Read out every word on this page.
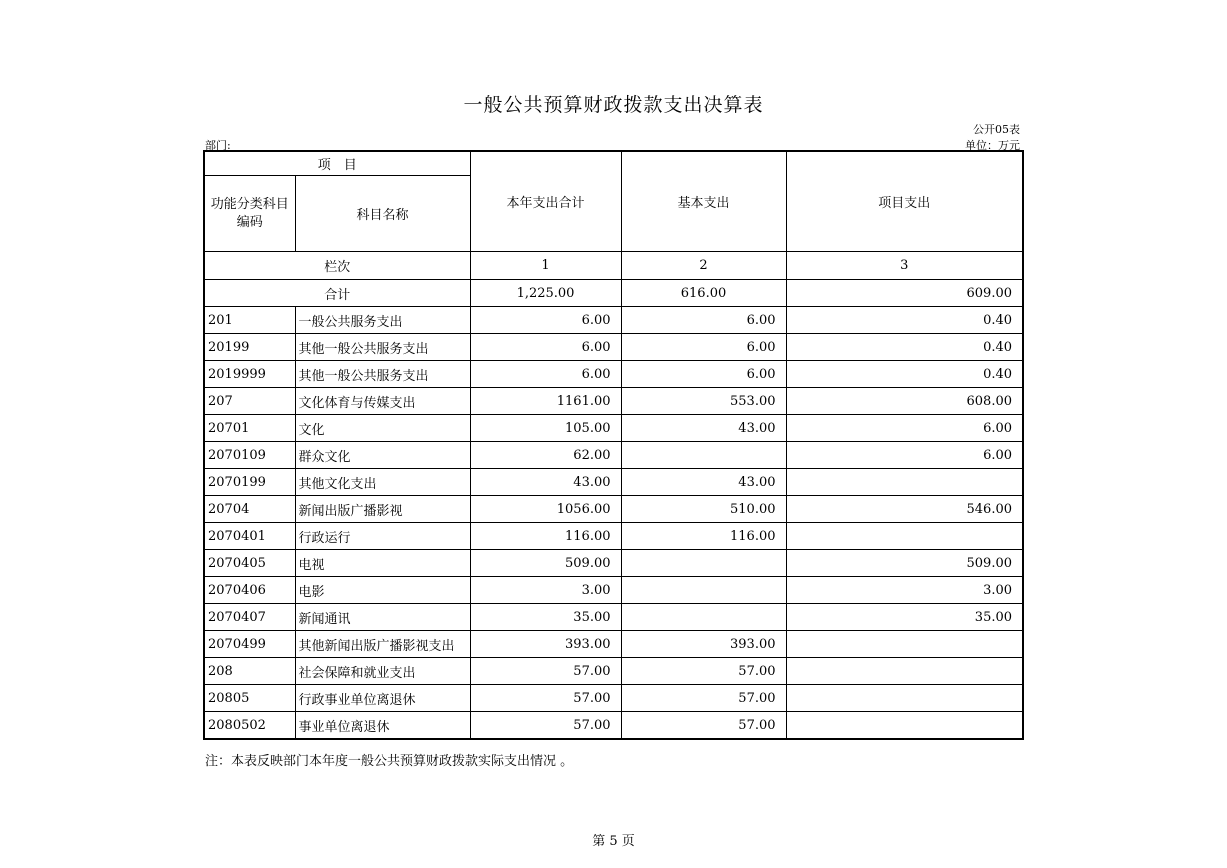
一般公共预算财政拨款支出决算表
公开05表
部门:	单位：万元
项　目		本年支出合计	基本支出	项目支出
功能分类科目编码	科目名称			
栏次		1	2	3
合计		1,225.00	616.00	609.00
201	一般公共服务支出	6.00	6.00	0.40
20199	其他一般公共服务支出	6.00	6.00	0.40
2019999	其他一般公共服务支出	6.00	6.00	0.40
207	文化体育与传媒支出	1161.00	553.00	608.00
20701	文化	105.00	43.00	6.00
2070109	群众文化	62.00		6.00
2070199	其他文化支出	43.00	43.00	
20704	新闻出版广播影视	1056.00	510.00	546.00
2070401	行政运行	116.00	116.00	
2070405	电视	509.00		509.00
2070406	电影	3.00		3.00
2070407	新闻通讯	35.00		35.00
2070499	其他新闻出版广播影视支出	393.00	393.00	
208	社会保障和就业支出	57.00	57.00	
20805	行政事业单位离退休	57.00	57.00	
2080502	事业单位离退休	57.00	57.00	
注：本表反映部门本年度一般公共预算财政拨款实际支出情况 。
第 5 页
